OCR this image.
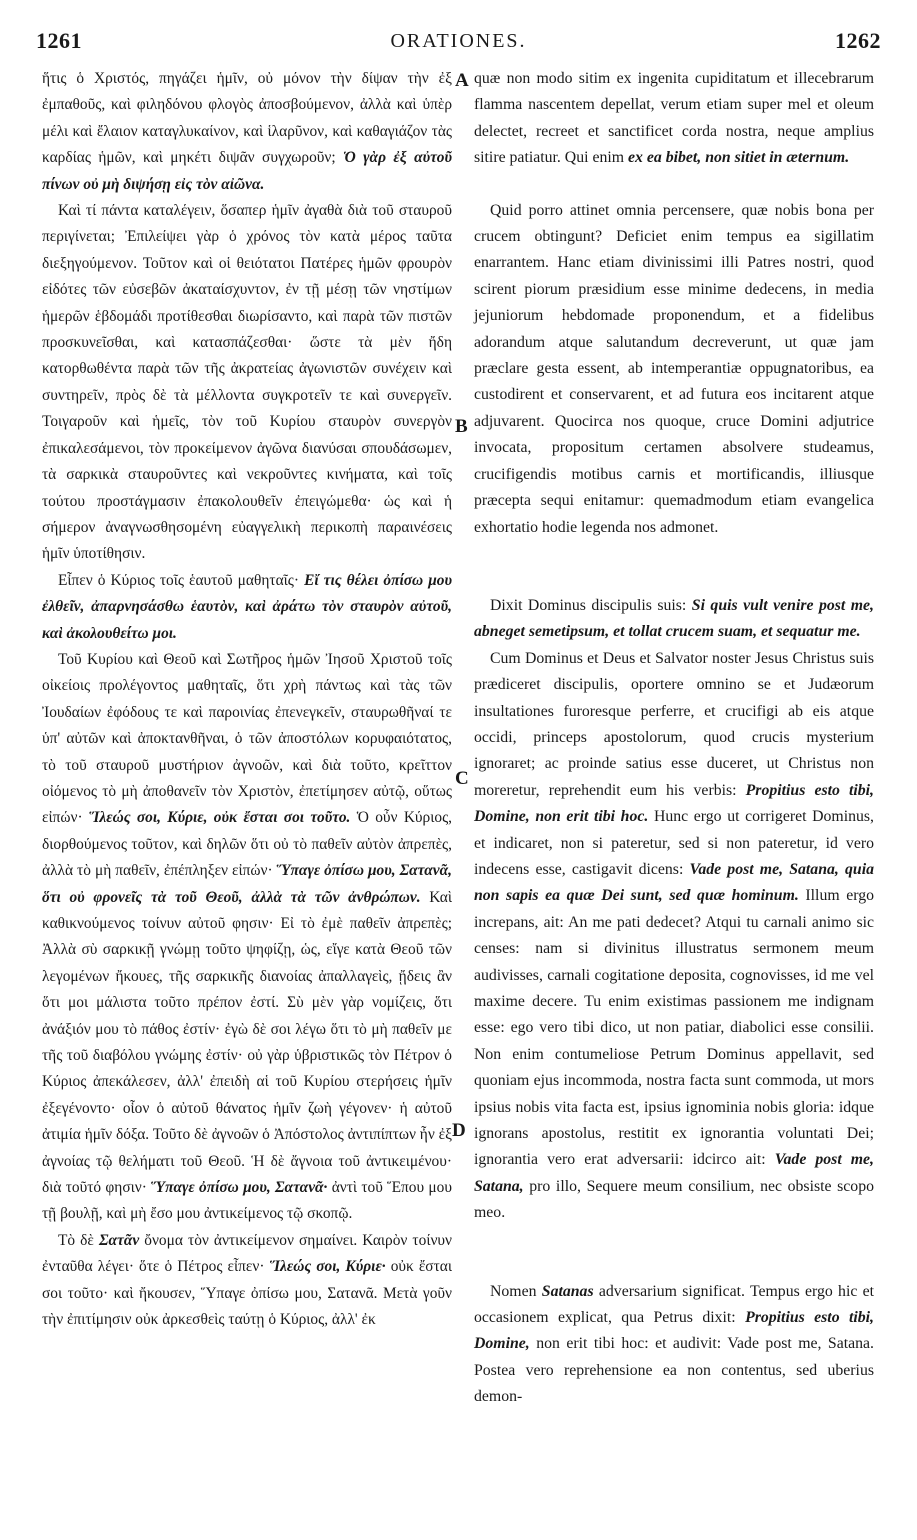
1261	ORATIONES.	1262
A
B
C
D

ἥτις ὁ Χριστός, πηγάζει ἡμῖν, οὐ μόνον τὴν δίψαν τὴν ἐξ ἐμπαθοῦς, καὶ φιληδόνου φλογὸς ἀποσβούμενον, ἀλλὰ καὶ ὑπὲρ μέλι καὶ ἔλαιον καταγλυκαίνον, καὶ ἱλαρῦνον, καὶ καθαγιάζον τὰς καρδίας ἡμῶν, καὶ μηκέτι διψᾶν συγχωροῦν; Ὁ γὰρ ἐξ αὐτοῦ πίνων οὐ μὴ διψήσῃ εἰς τὸν αἰῶνα.

Καὶ τί πάντα καταλέγειν, ὅσαπερ ἡμῖν ἀγαθὰ διὰ τοῦ σταυροῦ περιγίνεται; Ἐπιλείψει γὰρ ὁ χρόνος τὸν κατὰ μέρος ταῦτα διεξηγούμενον. Τοῦτον καὶ οἱ θειότατοι Πατέρες ἡμῶν φρουρὸν εἰδότες τῶν εὐσεβῶν ἀκαταίσχυντον, ἐν τῇ μέσῃ τῶν νηστίμων ἡμερῶν ἑβδομάδι προτίθεσθαι διωρίσαντο, καὶ παρὰ τῶν πιστῶν προσκυνεῖσθαι, καὶ κατασπάζεσθαι· ὥστε τὰ μὲν ἤδη κατορθωθέντα παρὰ τῶν τῆς ἀκρατείας ἀγωνιστῶν συνέχειν καὶ συντηρεῖν, πρὸς δὲ τὰ μέλλοντα συγκροτεῖν τε καὶ συνεργεῖν. Τοιγαροῦν καὶ ἡμεῖς, τὸν τοῦ Κυρίου σταυρὸν συνεργὸν ἐπικαλεσάμενοι, τὸν προκείμενον ἀγῶνα διανύσαι σπουδάσωμεν, τὰ σαρκικὰ σταυροῦντες καὶ νεκροῦντες κινήματα, καὶ τοῖς τούτου προστάγμασιν ἐπακολουθεῖν ἐπειγώμεθα· ὡς καὶ ἡ σήμερον ἀναγνωσθησομένη εὐαγγελικὴ περικοπὴ παραινέσεις ἡμῖν ὑποτίθησιν.

Εἶπεν ὁ Κύριος τοῖς ἑαυτοῦ μαθηταῖς· Εἴ τις θέλει ὀπίσω μου ἐλθεῖν, ἀπαρνησάσθω ἑαυτὸν, καὶ ἀράτω τὸν σταυρὸν αὐτοῦ, καὶ ἀκολουθείτω μοι.

Τοῦ Κυρίου καὶ Θεοῦ καὶ Σωτῆρος ἡμῶν Ἰησοῦ Χριστοῦ τοῖς οἰκείοις προλέγοντος μαθηταῖς, ὅτι χρὴ πάντως καὶ τὰς τῶν Ἰουδαίων ἐφόδους τε καὶ παροινίας ἐπενεγκεῖν, σταυρωθῆναί τε ὑπ' αὐτῶν καὶ ἀποκτανθῆναι, ὁ τῶν ἀποστόλων κορυφαιότατος, τὸ τοῦ σταυροῦ μυστήριον ἀγνοῶν, καὶ διὰ τοῦτο, κρεῖττον οἰόμενος τὸ μὴ ἀποθανεῖν τὸν Χριστὸν, ἐπετίμησεν αὐτῷ, οὕτως εἰπών· Ἵλεώς σοι, Κύριε, οὐκ ἔσται σοι τοῦτο. Ὁ οὖν Κύριος, διορθούμενος τοῦτον, καὶ δηλῶν ὅτι οὐ τὸ παθεῖν αὐτὸν ἀπρεπὲς, ἀλλὰ τὸ μὴ παθεῖν, ἐπέπληξεν εἰπών· Ὕπαγε ὀπίσω μου, Σατανᾶ, ὅτι οὐ φρονεῖς τὰ τοῦ Θεοῦ, ἀλλὰ τὰ τῶν ἀνθρώπων. Καὶ καθικνούμενος τοίνυν αὐτοῦ φησιν· Εἰ τὸ ἐμὲ παθεῖν ἀπρεπὲς; Ἀλλὰ σὺ σαρκικῇ γνώμῃ τοῦτο ψηφίζῃ, ὡς, εἴγε κατὰ Θεοῦ τῶν λεγομένων ἤκουες, τῆς σαρκικῆς διανοίας ἀπαλλαγεὶς, ᾔδεις ἂν ὅτι μοι μάλιστα τοῦτο πρέπον ἐστί. Σὺ μὲν γὰρ νομίζεις, ὅτι ἀνάξιόν μου τὸ πάθος ἐστίν· ἐγὼ δὲ σοι λέγω ὅτι τὸ μὴ παθεῖν με τῆς τοῦ διαβόλου γνώμης ἐστίν· οὐ γὰρ ὑβριστικῶς τὸν Πέτρον ὁ Κύριος ἀπεκάλεσεν, ἀλλ' ἐπειδὴ αἱ τοῦ Κυρίου στερήσεις ἡμῖν ἐξεγένοντο· οἷον ὁ αὐτοῦ θάνατος ἡμῖν ζωὴ γέγονεν· ἡ αὐτοῦ ἀτιμία ἡμῖν δόξα. Τοῦτο δὲ ἀγνοῶν ὁ Ἀπόστολος ἀντιπίπτων ἦν ἐξ ἀγνοίας τῷ θελήματι τοῦ Θεοῦ. Ἡ δὲ ἄγνοια τοῦ ἀντικειμένου· διὰ τοῦτό φησιν· Ὕπαγε ὀπίσω μου, Σατανᾶ· ἀντὶ τοῦ Ἕπου μου τῇ βουλῇ, καὶ μὴ ἔσο μου ἀντικείμενος τῷ σκοπῷ.

Τὸ δὲ Σατᾶν ὄνομα τὸν ἀντικείμενον σημαίνει. Καιρὸν τοίνυν ἐνταῦθα λέγει· ὅτε ὁ Πέτρος εἶπεν· Ἵλεώς σοι, Κύριε· οὐκ ἔσται σοι τοῦτο· καὶ ἤκουσεν, Ὕπαγε ὀπίσω μου, Σατανᾶ. Μετὰ γοῦν τὴν ἐπιτίμησιν οὐκ ἀρκεσθεὶς ταύτῃ ὁ Κύριος, ἀλλ' ἐκ

quæ non modo sitim ex ingenita cupiditatum et illecebrarum flamma nascentem depellat, verum etiam super mel et oleum delectet, recreet et sanctificet corda nostra, neque amplius sitire patiatur. Qui enim ex ea bibet, non sitiet in æternum.

Quid porro attinet omnia percensere, quæ nobis bona per crucem obtingunt? Deficiet enim tempus ea sigillatim enarrantem. Hanc etiam divinissimi illi Patres nostri, quod scirent piorum præsidium esse minime dedecens, in media jejuniorum hebdomade proponendum, et a fidelibus adorandum atque salutandum decreverunt, ut quæ jam præclare gesta essent, ab intemperantiæ oppugnatoribus, ea custodirent et conservarent, et ad futura eos incitarent atque adjuvarent. Quocirca nos quoque, cruce Domini adjutrice invocata, propositum certamen absolvere studeamus, crucifigendis motibus carnis et mortificandis, illiusque præcepta sequi enitamur: quemadmodum etiam evangelica exhortatio hodie legenda nos admonet.

Dixit Dominus discipulis suis: Si quis vult venire post me, abneget semetipsum, et tollat crucem suam, et sequatur me.

Cum Dominus et Deus et Salvator noster Jesus Christus suis prædiceret discipulis, oportere omnino se et Judæorum insultationes furoresque perferre, et crucifigi ab eis atque occidi, princeps apostolorum, quod crucis mysterium ignoraret; ac proinde satius esse duceret, ut Christus non moreretur, reprehendit eum his verbis: Propitius esto tibi, Domine, non erit tibi hoc. Hunc ergo ut corrigeret Dominus, et indicaret, non si pateretur, sed si non pateretur, id vero indecens esse, castigavit dicens: Vade post me, Satana, quia non sapis ea quæ Dei sunt, sed quæ hominum. Illum ergo increpans, ait: An me pati dedecet? Atqui tu carnali animo sic censes: nam si divinitus illustratus sermonem meum audivisses, carnali cogitatione deposita, cognovisses, id me vel maxime decere. Tu enim existimas passionem me indignam esse: ego vero tibi dico, ut non patiar, diabolici esse consilii. Non enim contumeliose Petrum Dominus appellavit, sed quoniam ejus incommoda, nostra facta sunt commoda, ut mors ipsius nobis vita facta est, ipsius ignominia nobis gloria: idque ignorans apostolus, restitit ex ignorantia voluntati Dei; ignorantia vero erat adversarii: idcirco ait: Vade post me, Satana, pro illo, Sequere meum consilium, nec obsiste scopo meo.

Nomen Satanas adversarium significat. Tempus ergo hic et occasionem explicat, qua Petrus dixit: Propitius esto tibi, Domine, non erit tibi hoc: et audivit: Vade post me, Satana. Postea vero reprehensione ea non contentus, sed uberius demon-
